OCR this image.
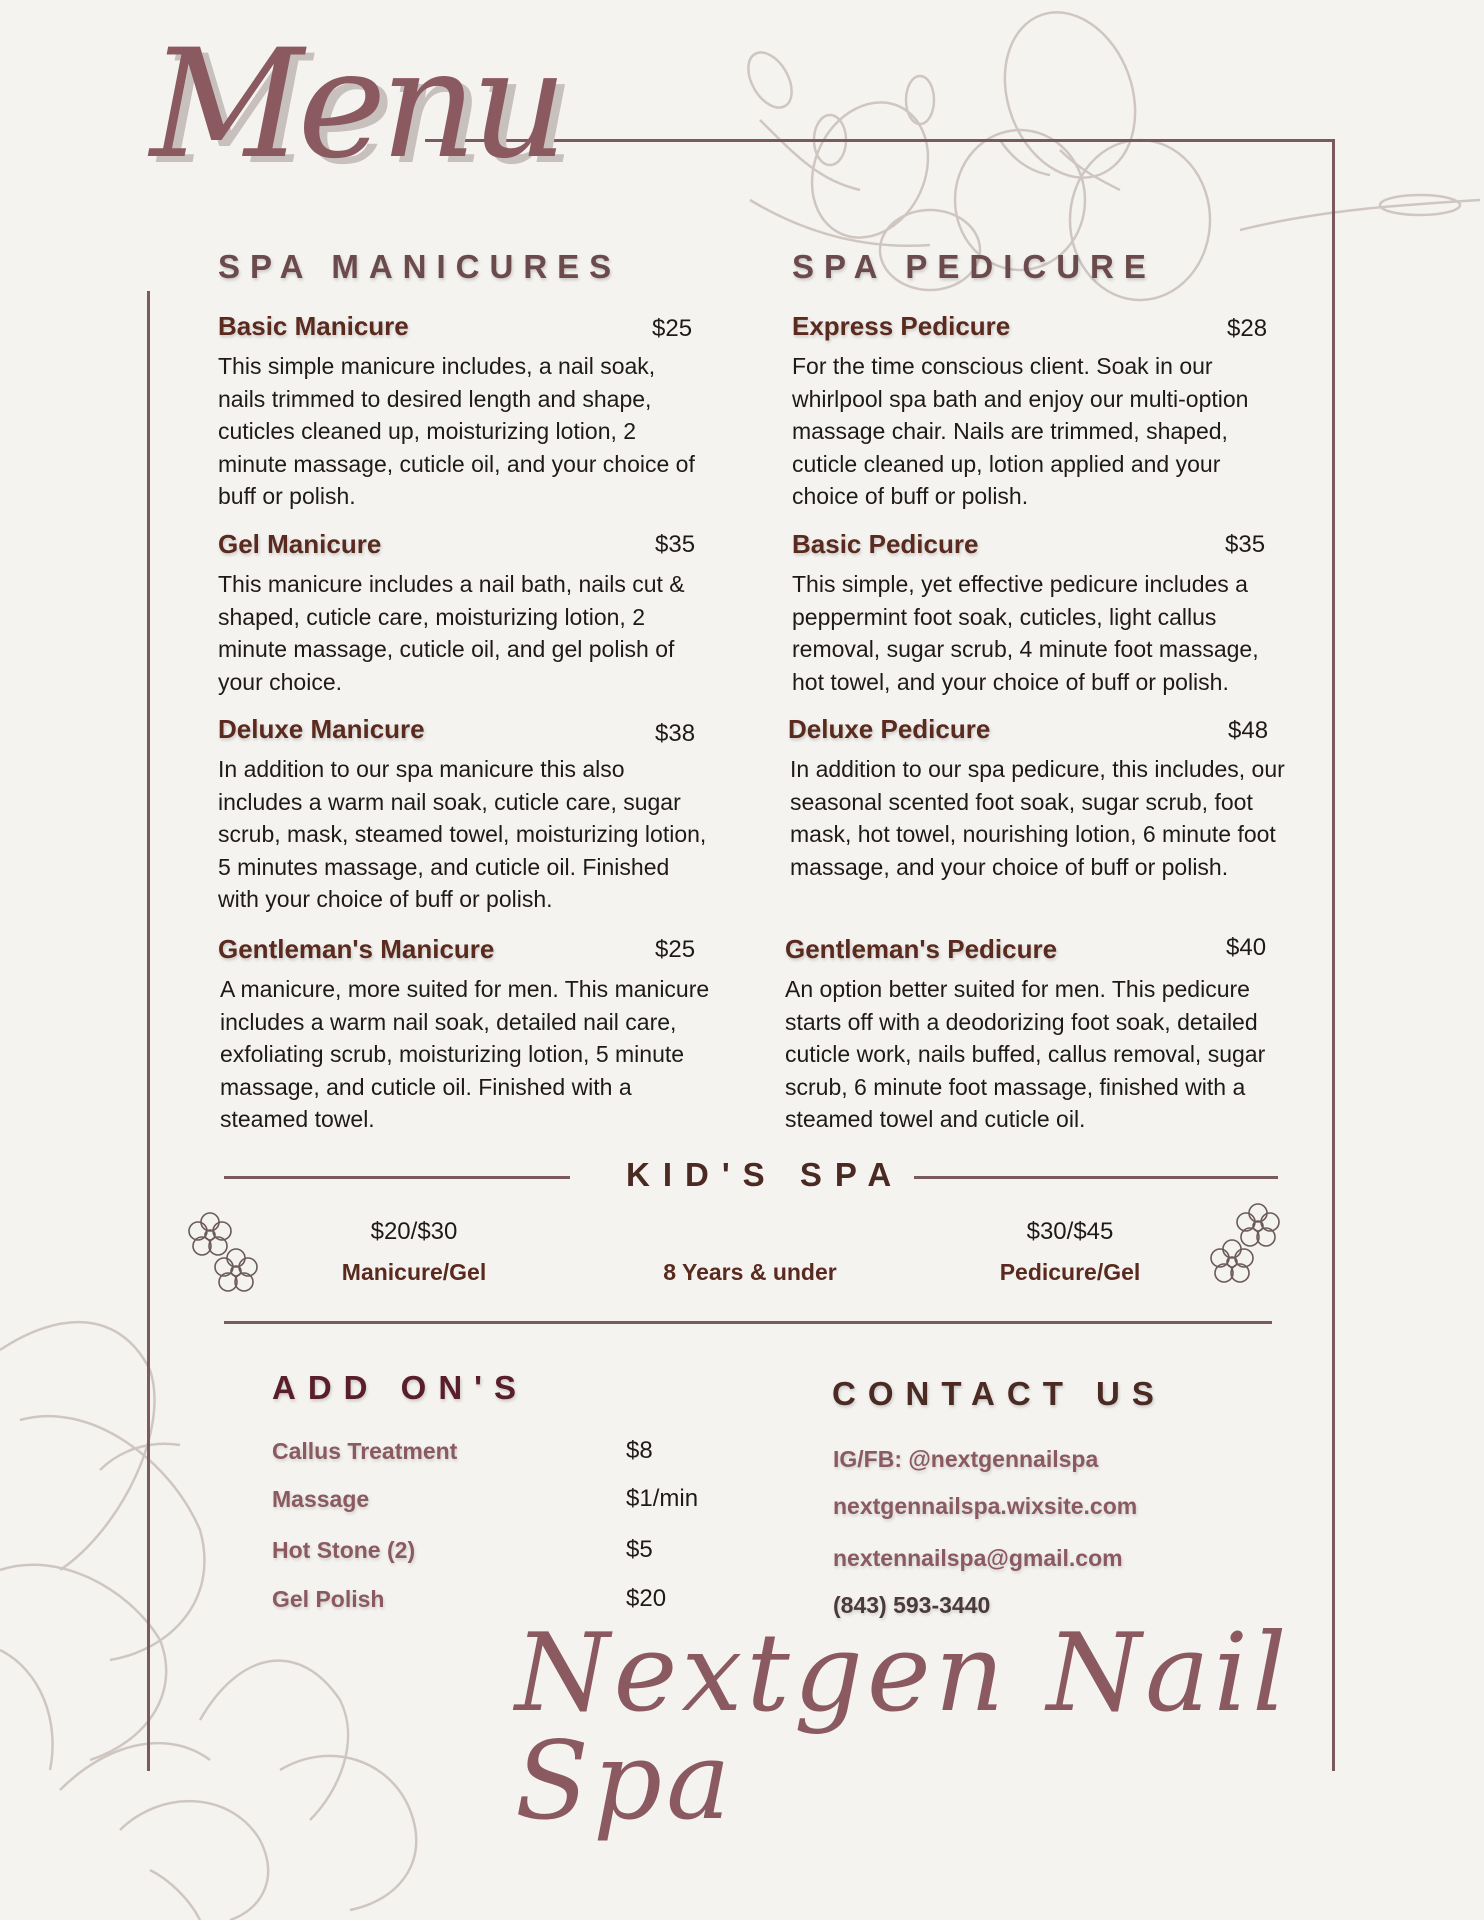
Menu
SPA MANICURES
Basic Manicure	$25
This simple manicure includes, a nail soak, nails trimmed to desired length and shape, cuticles cleaned up, moisturizing lotion, 2 minute massage, cuticle oil, and your choice of buff or polish.
Gel Manicure	$35
This manicure includes a nail bath, nails cut & shaped, cuticle care, moisturizing lotion, 2 minute massage, cuticle oil, and gel polish of your choice.
Deluxe Manicure	$38
In addition to our spa manicure this also includes a warm nail soak, cuticle care, sugar scrub, mask, steamed towel, moisturizing lotion, 5 minutes massage, and cuticle oil. Finished with your choice of buff or polish.
Gentleman's Manicure	$25
A manicure, more suited for men. This manicure includes a warm nail soak, detailed nail care, exfoliating scrub, moisturizing lotion, 5 minute massage, and cuticle oil. Finished with a steamed towel.
SPA PEDICURE
Express Pedicure	$28
For the time conscious client. Soak in our whirlpool spa bath and enjoy our multi-option massage chair. Nails are trimmed, shaped, cuticle cleaned up, lotion applied and your choice of buff or polish.
Basic Pedicure	$35
This simple, yet effective pedicure includes a peppermint foot soak, cuticles, light callus removal, sugar scrub, 4 minute foot massage, hot towel, and your choice of buff or polish.
Deluxe Pedicure	$48
In addition to our spa pedicure, this includes, our seasonal scented foot soak, sugar scrub, foot mask, hot towel, nourishing lotion, 6 minute foot massage, and your choice of buff or polish.
Gentleman's Pedicure	$40
An option better suited for men. This pedicure starts off with a deodorizing foot soak, detailed cuticle work, nails buffed, callus removal, sugar scrub, 6 minute foot massage, finished with a steamed towel and cuticle oil.
KID'S SPA
$20/$30
Manicure/Gel	8 Years & under
$30/$45
Pedicure/Gel
ADD ON'S
Callus Treatment	$8
Massage	$1/min
Hot Stone (2)	$5
Gel Polish	$20
CONTACT US
IG/FB: @nextgennailspa
nextgennailspa.wixsite.com
nextennailspa@gmail.com
(843) 593-3440
Nextgen Nail Spa
